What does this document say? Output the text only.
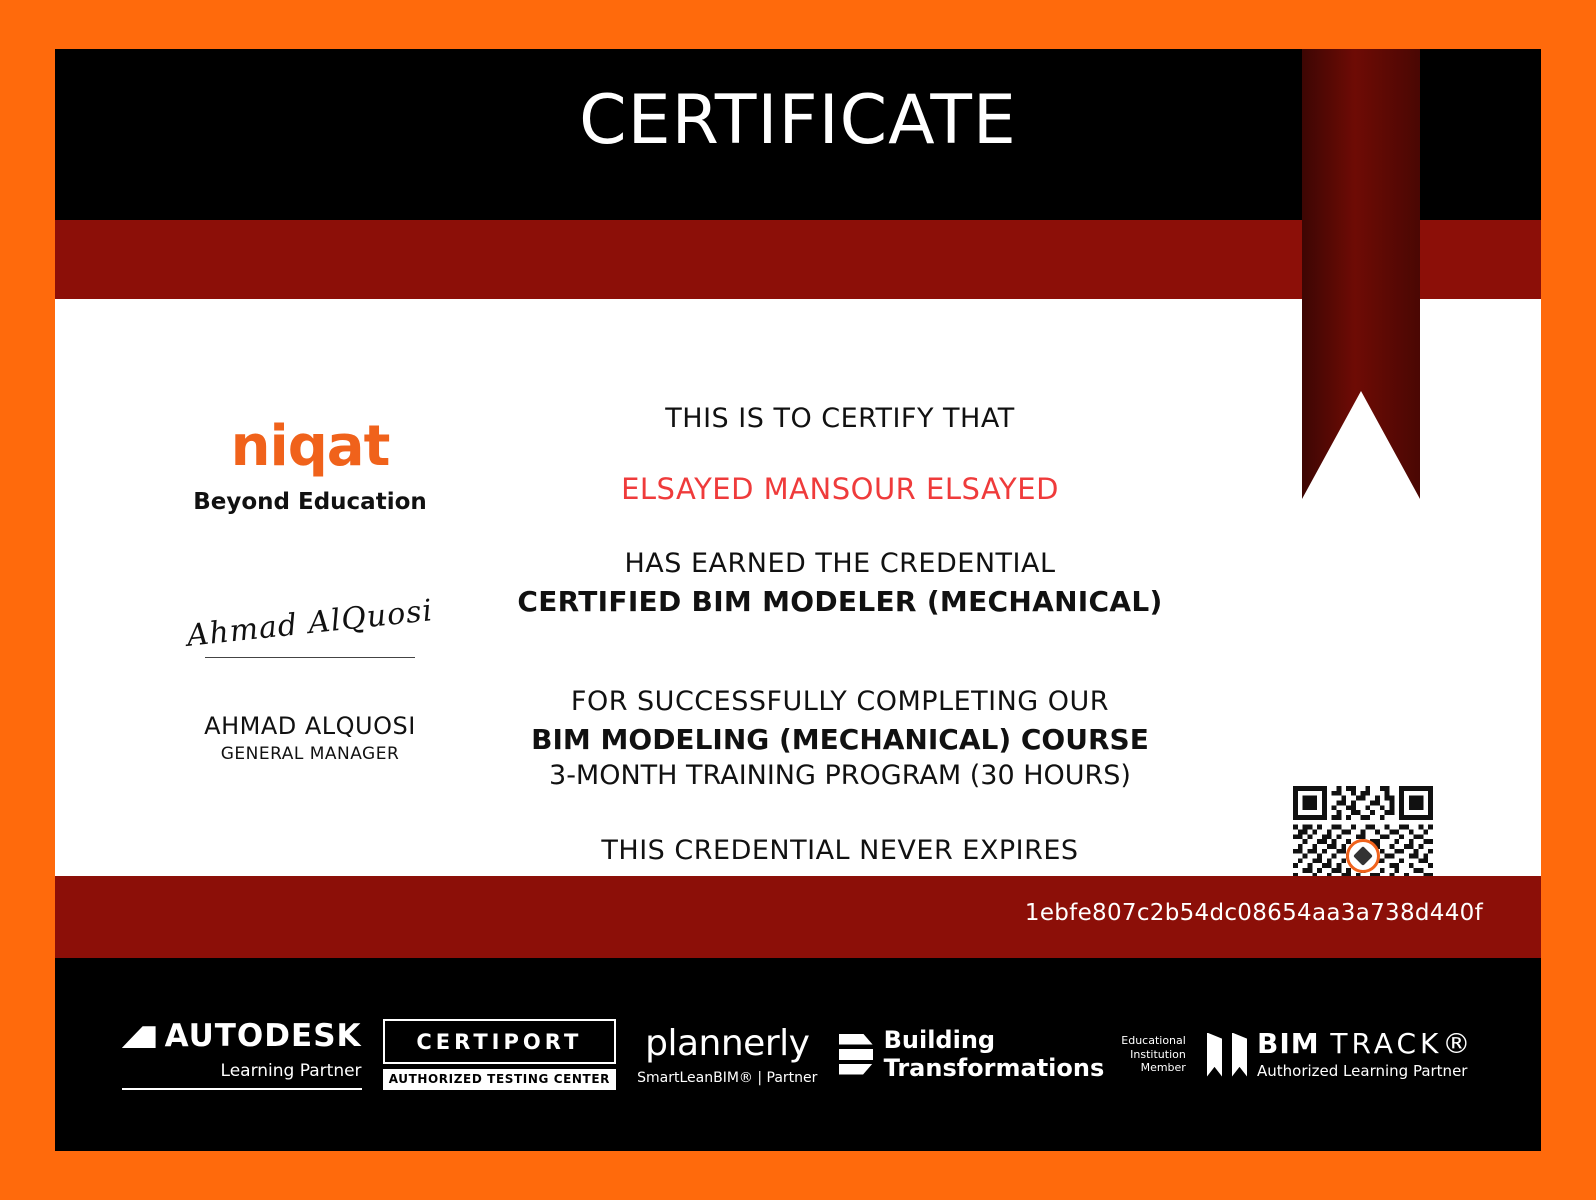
CERTIFICATE
niqat
Beyond Education
Ahmad AlQuosi
AHMAD ALQUOSI
GENERAL MANAGER
THIS IS TO CERTIFY THAT
ELSAYED MANSOUR ELSAYED
HAS EARNED THE CREDENTIAL
CERTIFIED BIM MODELER (MECHANICAL)
FOR SUCCESSFULLY COMPLETING OUR
BIM MODELING (MECHANICAL) COURSE
3-MONTH TRAINING PROGRAM (30 HOURS)
THIS CREDENTIAL NEVER EXPIRES
1ebfe807c2b54dc08654aa3a738d440f
AUTODESK
Learning Partner
CERTIPORT
AUTHORIZED TESTING CENTER
plannerly
SmartLeanBIM® | Partner
Building
Transformations
Educational
Institution
Member
BIM TRACK®
Authorized Learning Partner
